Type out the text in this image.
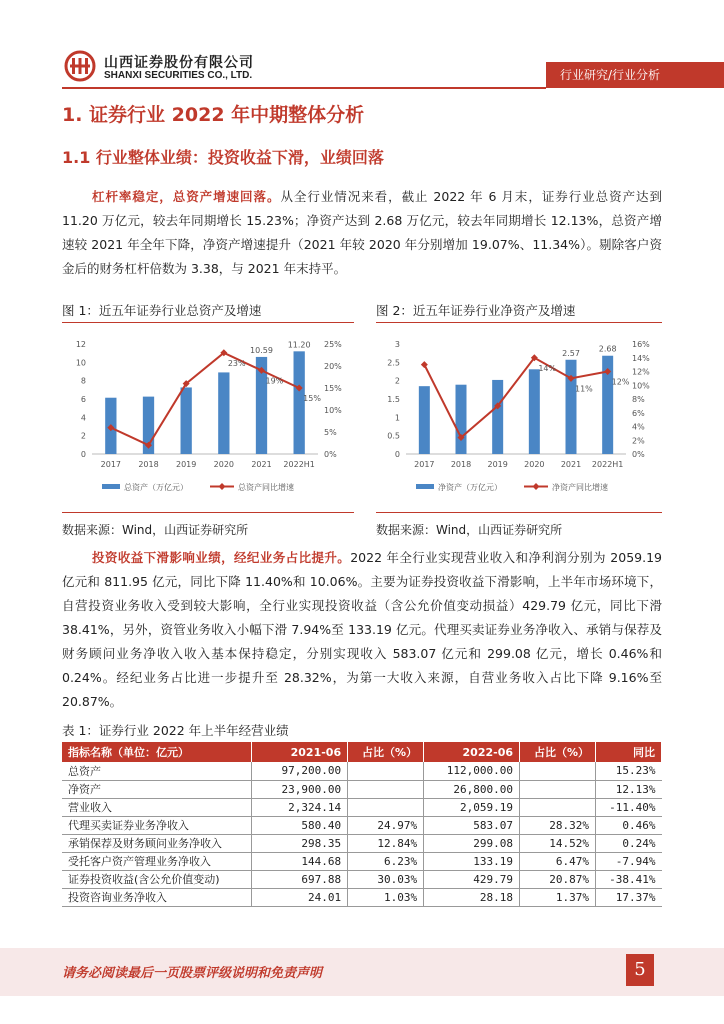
山西证券股份有限公司
SHANXI SECURITIES CO., LTD.	行业研究/行业分析
1. 证券行业 2022 年中期整体分析
1.1 行业整体业绩：投资收益下滑，业绩回落
杠杆率稳定，总资产增速回落。从全行业情况来看，截止 2022 年 6 月末，证券行业总资产达到 11.20 万亿元，较去年同期增长 15.23%；净资产达到 2.68 万亿元，较去年同期增长 12.13%，总资产增速较 2021 年全年下降，净资产增速提升（2021 年较 2020 年分别增加 19.07%、11.34%）。剔除客户资金后的财务杠杆倍数为 3.38，与 2021 年末持平。
图 1：近五年证券行业总资产及增速
0
2
4
6
8
10
12
0%
5%
10%
15%
20%
25%
2017 2018 2019 2020
10.59
2021
11.20
2022H1
23%
19%
15%
总资产（万亿元）	总资产同比增速
数据来源：Wind，山西证券研究所
图 2：近五年证券行业净资产及增速
0
0.5
1
1.5
2
2.5
3
0%
2%
4%
6%
8%
10%
12%
14%
16%
2017 2018 2019 2020
2.57
2021
2.68
2022H1
14%
11%
12%
净资产（万亿元）	净资产同比增速
数据来源：Wind，山西证券研究所
投资收益下滑影响业绩，经纪业务占比提升。2022 年全行业实现营业收入和净利润分别为 2059.19 亿元和 811.95 亿元，同比下降 11.40%和 10.06%。主要为证券投资收益下滑影响，上半年市场环境下，自营投资业务收入受到较大影响，全行业实现投资收益（含公允价值变动损益）429.79 亿元，同比下滑 38.41%，另外，资管业务收入小幅下滑 7.94%至 133.19 亿元。代理买卖证券业务净收入、承销与保荐及财务顾问业务净收入收入基本保持稳定，分别实现收入 583.07 亿元和 299.08 亿元，增长 0.46%和 0.24%。经纪业务占比进一步提升至 28.32%，为第一大收入来源，自营业务收入占比下降 9.16%至 20.87%。
表 1：证券行业 2022 年上半年经营业绩
指标名称（单位：亿元）	2021-06	占比（%）	2022-06	占比（%）	同比
总资产	97,200.00		112,000.00		15.23%
净资产	23,900.00		26,800.00		12.13%
营业收入	2,324.14		2,059.19		-11.40%
代理买卖证券业务净收入	580.40	24.97%	583.07	28.32%	0.46%
承销保荐及财务顾问业务净收入	298.35	12.84%	299.08	14.52%	0.24%
受托客户资产管理业务净收入	144.68	6.23%	133.19	6.47%	-7.94%
证券投资收益(含公允价值变动)	697.88	30.03%	429.79	20.87%	-38.41%
投资咨询业务净收入	24.01	1.03%	28.18	1.37%	17.37%
请务必阅读最后一页股票评级说明和免责声明	5
